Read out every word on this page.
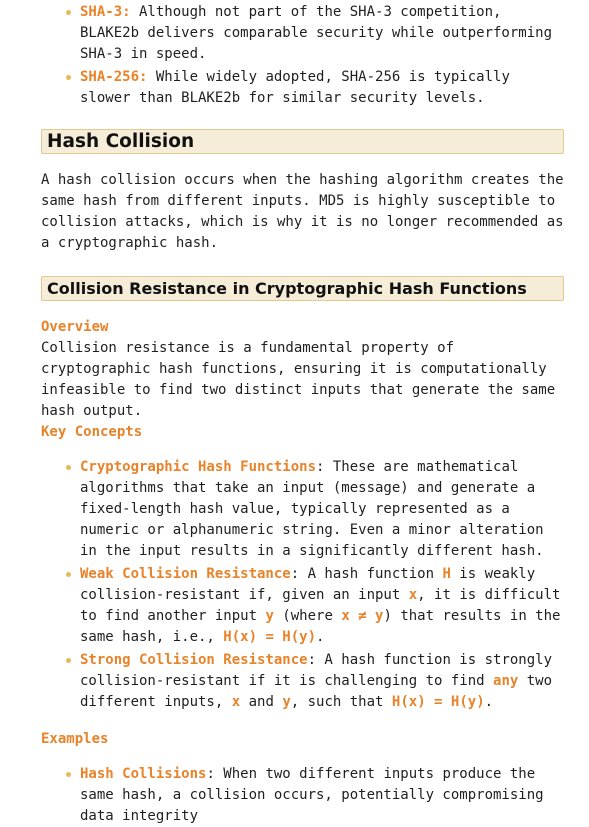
SHA-3: Although not part of the SHA-3 competition, BLAKE2b delivers comparable security while outperforming SHA-3 in speed.
SHA-256: While widely adopted, SHA-256 is typically slower than BLAKE2b for similar security levels.
Hash Collision

A hash collision occurs when the hashing algorithm creates the same hash from different inputs. MD5 is highly susceptible to collision attacks, which is why it is no longer recommended as a cryptographic hash.

Collision Resistance in Cryptographic Hash Functions

Overview

Collision resistance is a fundamental property of cryptographic hash functions, ensuring it is computationally infeasible to find two distinct inputs that generate the same hash output.

Key Concepts

Cryptographic Hash Functions: These are mathematical algorithms that take an input (message) and generate a fixed-length hash value, typically represented as a numeric or alphanumeric string. Even a minor alteration in the input results in a significantly different hash.
Weak Collision Resistance: A hash function H is weakly collision-resistant if, given an input x, it is difficult to find another input y (where x ≠ y) that results in the same hash, i.e., H(x) = H(y).
Strong Collision Resistance: A hash function is strongly collision-resistant if it is challenging to find any two different inputs, x and y, such that H(x) = H(y).

Examples

Hash Collisions: When two different inputs produce the same hash, a collision occurs, potentially compromising data integrity
